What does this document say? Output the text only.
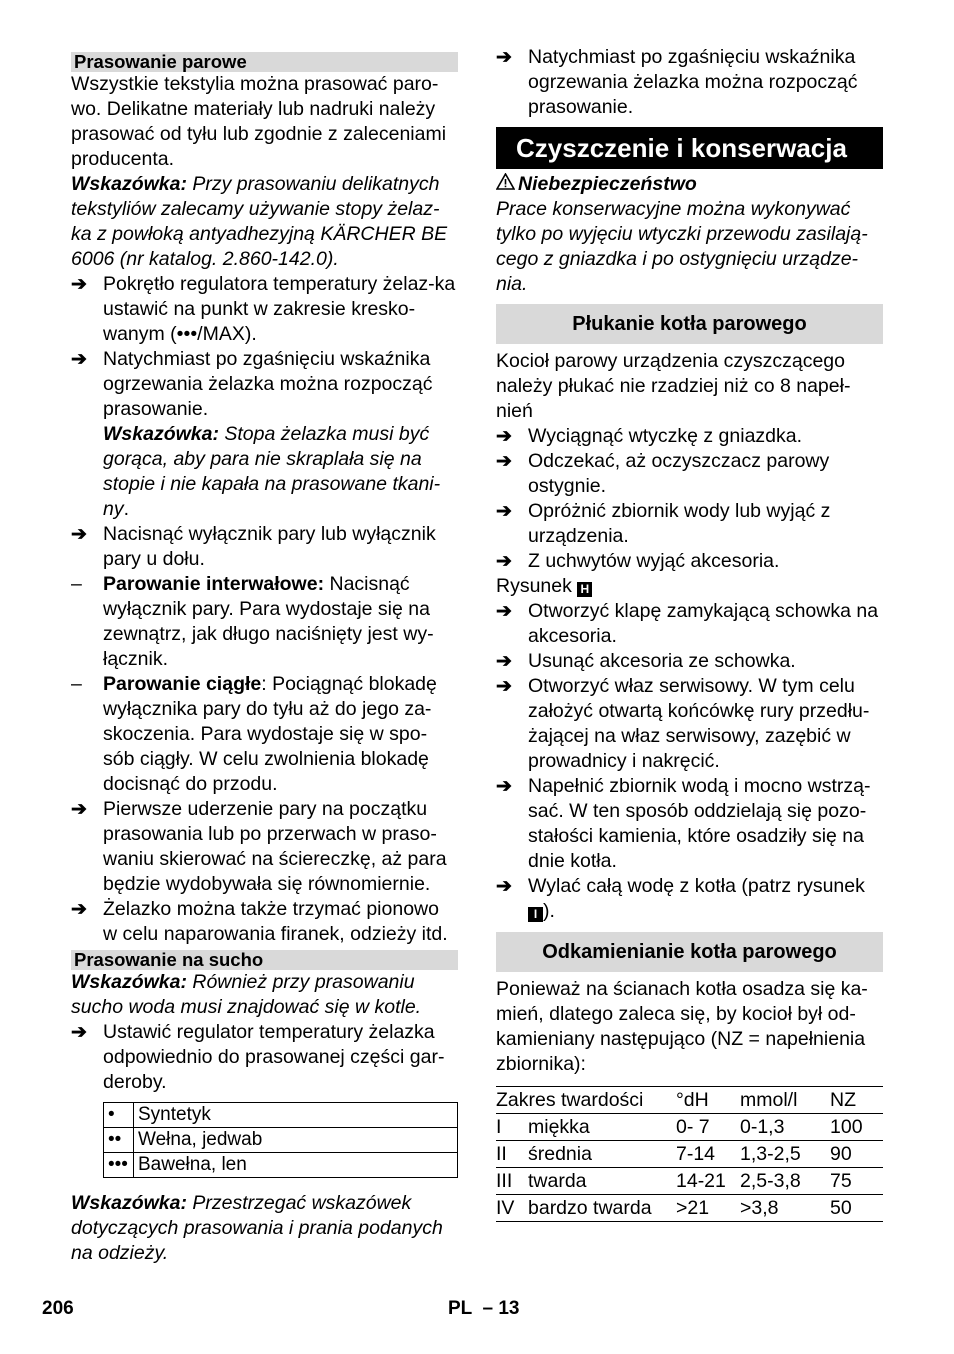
Prasowanie parowe

Wszystkie tekstylia można prasować paro-wo. Delikatne materiały lub nadruki należy prasować od tyłu lub zgodnie z zaleceniami producenta.

Wskazówka: Przy prasowaniu delikatnych tekstyliów zalecamy używanie stopy żelaz-ka z powłoką antyadhezyjną KÄRCHER BE 6006 (nr katalog. 2.860-142.0).

➔ Pokrętło regulatora temperatury żelaz-ka ustawić na punkt w zakresie kresko-wanym (•••/MAX).
➔ Natychmiast po zgaśnięciu wskaźnika ogrzewania żelazka można rozpocząć prasowanie.
Wskazówka: Stopa żelazka musi być gorąca, aby para nie skraplała się na stopie i nie kapała na prasowane tkani-ny.
➔ Nacisnąć wyłącznik pary lub wyłącznik pary u dołu.
–	Parowanie interwałowe: Nacisnąć wyłącznik pary. Para wydostaje się na zewnątrz, jak długo naciśnięty jest wy-łącznik.
–	Parowanie ciągłe: Pociągnąć blokadę wyłącznika pary do tyłu aż do jego za-skoczenia. Para wydostaje się w spo-sób ciągły. W celu zwolnienia blokadę docisnąć do przodu.
➔ Pierwsze uderzenie pary na początku prasowania lub po przerwach w praso-waniu skierować na ściereczkę, aż para będzie wydobywała się równomiernie.
➔ Żelazko można także trzymać pionowo w celu naparowania firanek, odzieży itd.

Prasowanie na sucho

Wskazówka: Również przy prasowaniu sucho woda musi znajdować się w kotle.

➔ Ustawić regulator temperatury żelazka odpowiednio do prasowanej części gar-deroby.
•	Syntetyk
••	Wełna, jedwab
•••	Bawełna, len

Wskazówka: Przestrzegać wskazówek dotyczących prasowania i prania podanych na odzieży.

➔ Natychmiast po zgaśnięciu wskaźnika ogrzewania żelazka można rozpocząć prasowanie.

Czyszczenie i konserwacja

Niebezpieczeństwo

Prace konserwacyjne można wykonywać tylko po wyjęciu wtyczki przewodu zasilają-cego z gniazdka i po ostygnięciu urządze-nia.

Płukanie kotła parowego

Kocioł parowy urządzenia czyszczącego należy płukać nie rzadziej niż co 8 napeł-nień

➔ Wyciągnąć wtyczkę z gniazdka.
➔ Odczekać, aż oczyszczacz parowy ostygnie.
➔ Opróżnić zbiornik wody lub wyjąć z urządzenia.
➔ Z uchwytów wyjąć akcesoria.

Rysunek H

➔ Otworzyć klapę zamykającą schowka na akcesoria.
➔ Usunąć akcesoria ze schowka.
➔ Otworzyć właz serwisowy. W tym celu założyć otwartą końcówkę rury przedłu-żającej na właz serwisowy, zazębić w prowadnicy i nakręcić.
➔ Napełnić zbiornik wodą i mocno wstrzą-sać. W ten sposób oddzielają się pozo-stałości kamienia, które osadziły się na dnie kotła.
➔ Wylać całą wodę z kotła (patrz rysunek I ).

Odkamienianie kotła parowego

Ponieważ na ścianach kotła osadza się ka-mień, dlatego zaleca się, by kocioł był od-kamieniany następująco (NZ = napełnienia zbiornika):

Zakres twardości		°dH	mmol/l	NZ
I	miękka	0- 7	0-1,3	100
II	średnia	7-14	1,3-2,5	90
III	twarda	14-21	2,5-3,8	75
IV	bardzo twarda	>21	>3,8	50
206	PL  – 13
